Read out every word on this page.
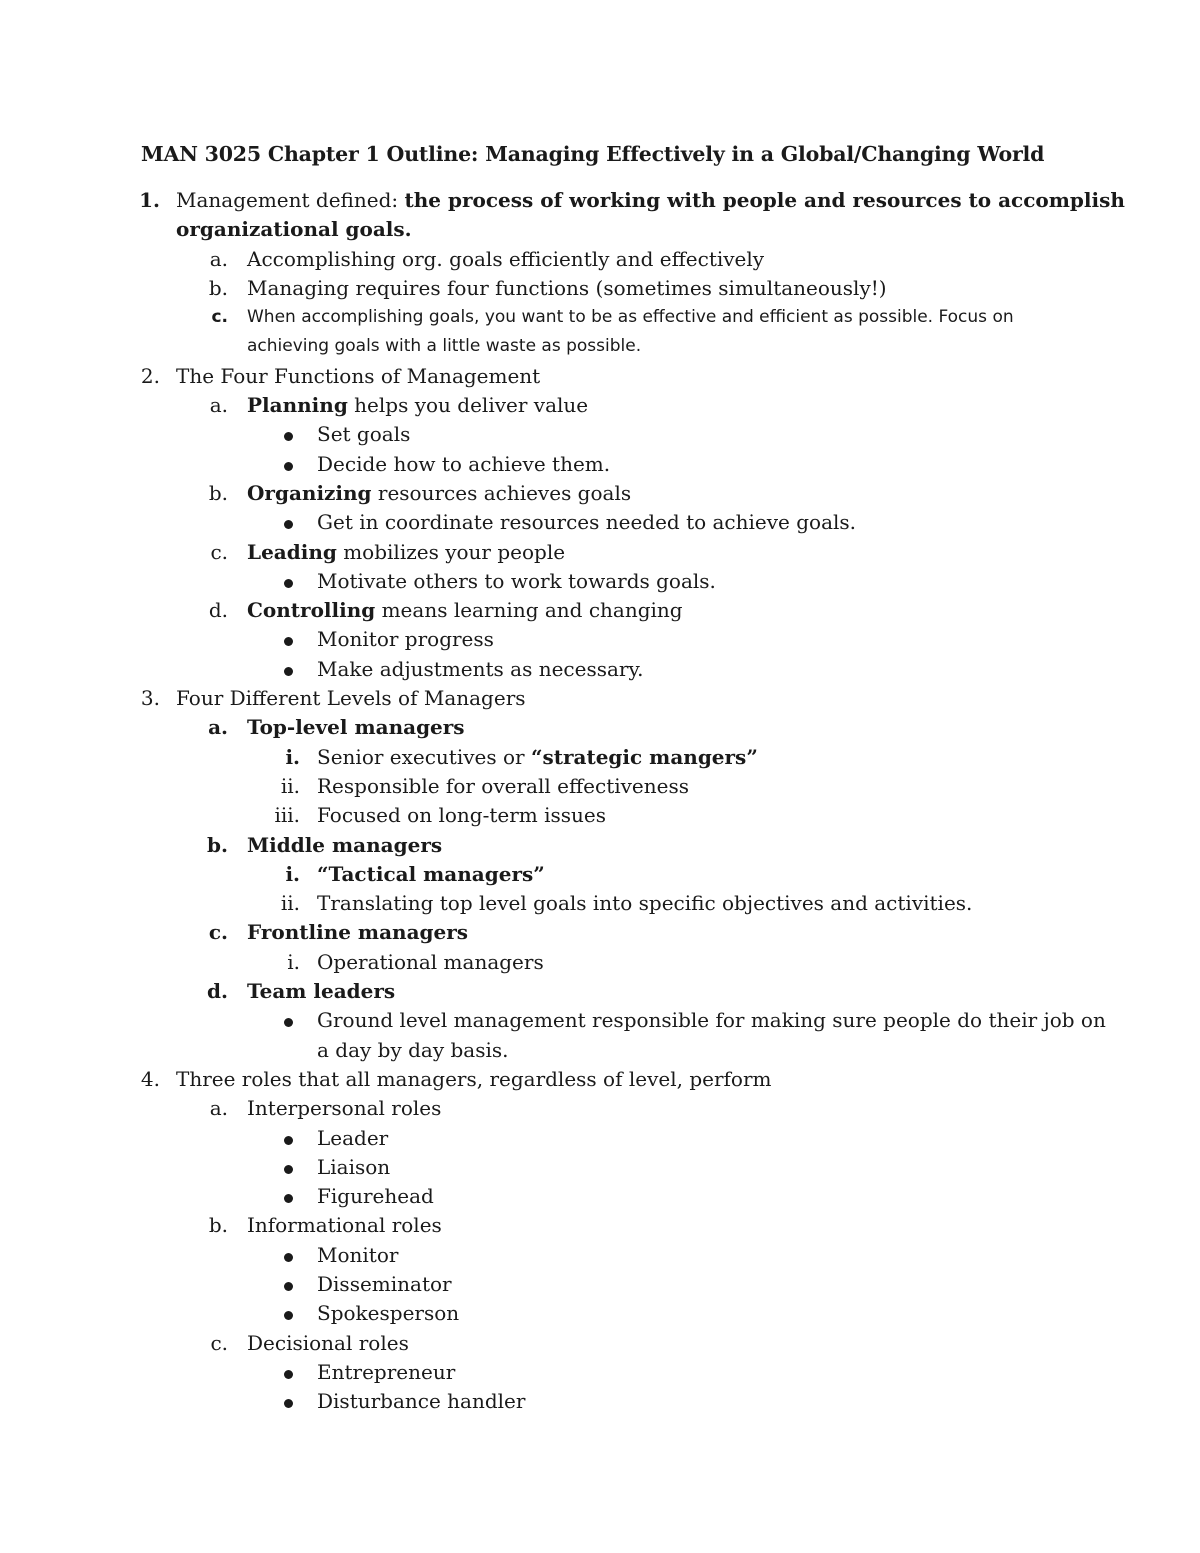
MAN 3025 Chapter 1 Outline: Managing Effectively in a Global/Changing World
1. Management defined: the process of working with people and resources to accomplish
organizational goals.
a. Accomplishing org. goals efficiently and effectively
b. Managing requires four functions (sometimes simultaneously!)
c. When accomplishing goals, you want to be as effective and efficient as possible. Focus on
achieving goals with a little waste as possible.
2. The Four Functions of Management
a. Planning helps you deliver value
Set goals
Decide how to achieve them.
b. Organizing resources achieves goals
Get in coordinate resources needed to achieve goals.
c. Leading mobilizes your people
Motivate others to work towards goals.
d. Controlling means learning and changing
Monitor progress
Make adjustments as necessary.
3. Four Different Levels of Managers
a. Top-level managers
i. Senior executives or “strategic mangers”
ii. Responsible for overall effectiveness
iii. Focused on long-term issues
b. Middle managers
i. “Tactical managers”
ii. Translating top level goals into specific objectives and activities.
c. Frontline managers
i. Operational managers
d. Team leaders
Ground level management responsible for making sure people do their job on
a day by day basis.
4. Three roles that all managers, regardless of level, perform
a. Interpersonal roles
Leader
Liaison
Figurehead
b. Informational roles
Monitor
Disseminator
Spokesperson
c. Decisional roles
Entrepreneur
Disturbance handler
